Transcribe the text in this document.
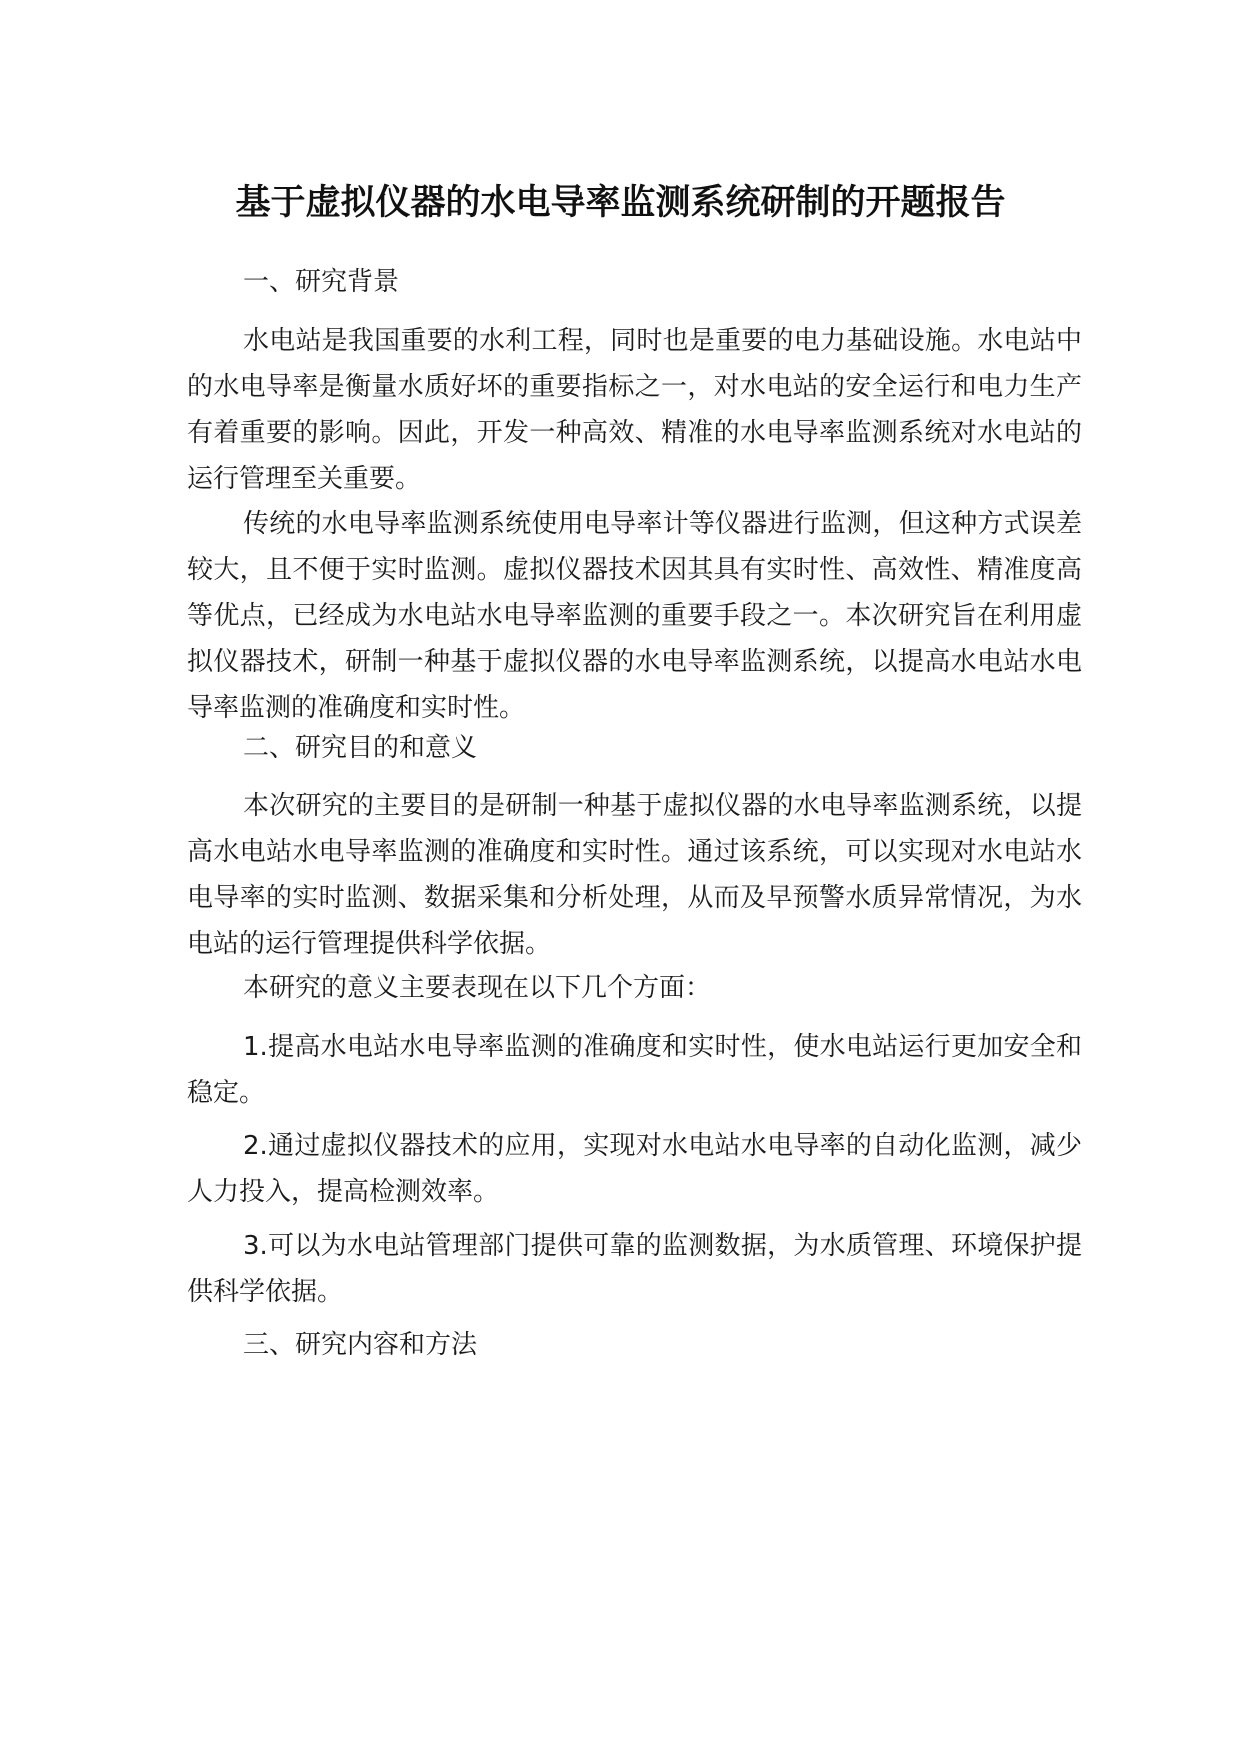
基于虚拟仪器的水电导率监测系统研制的开题报告

一、研究背景

水电站是我国重要的水利工程，同时也是重要的电力基础设施。水电站中的水电导率是衡量水质好坏的重要指标之一，对水电站的安全运行和电力生产有着重要的影响。因此，开发一种高效、精准的水电导率监测系统对水电站的运行管理至关重要。

传统的水电导率监测系统使用电导率计等仪器进行监测，但这种方式误差较大，且不便于实时监测。虚拟仪器技术因其具有实时性、高效性、精准度高等优点，已经成为水电站水电导率监测的重要手段之一。本次研究旨在利用虚拟仪器技术，研制一种基于虚拟仪器的水电导率监测系统，以提高水电站水电导率监测的准确度和实时性。

二、研究目的和意义

本次研究的主要目的是研制一种基于虚拟仪器的水电导率监测系统，以提高水电站水电导率监测的准确度和实时性。通过该系统，可以实现对水电站水电导率的实时监测、数据采集和分析处理，从而及早预警水质异常情况，为水电站的运行管理提供科学依据。

本研究的意义主要表现在以下几个方面：

1.提高水电站水电导率监测的准确度和实时性，使水电站运行更加安全和稳定。

2.通过虚拟仪器技术的应用，实现对水电站水电导率的自动化监测，减少人力投入，提高检测效率。

3.可以为水电站管理部门提供可靠的监测数据，为水质管理、环境保护提供科学依据。

三、研究内容和方法
